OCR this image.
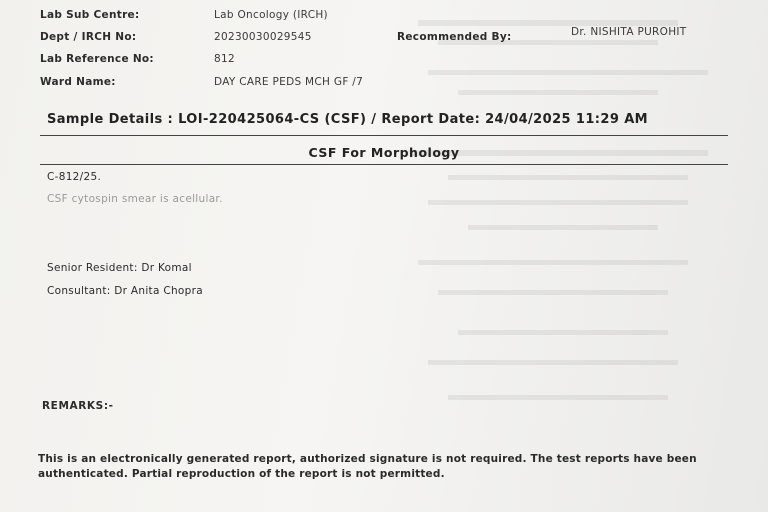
Lab Sub Centre:	Lab Oncology (IRCH)
Dept / IRCH No:	20230030029545
Lab Reference No:	812
Ward Name:	DAY CARE PEDS MCH GF /7
Recommended By:	Dr. NISHITA PUROHIT
Sample Details : LOI-220425064-CS (CSF) / Report Date: 24/04/2025 11:29 AM
CSF For Morphology
C-812/25.
CSF cytospin smear is acellular.
Senior Resident: Dr Komal
Consultant: Dr Anita Chopra
REMARKS:-
This is an electronically generated report, authorized signature is not required. The test reports have been authenticated. Partial reproduction of the report is not permitted.
